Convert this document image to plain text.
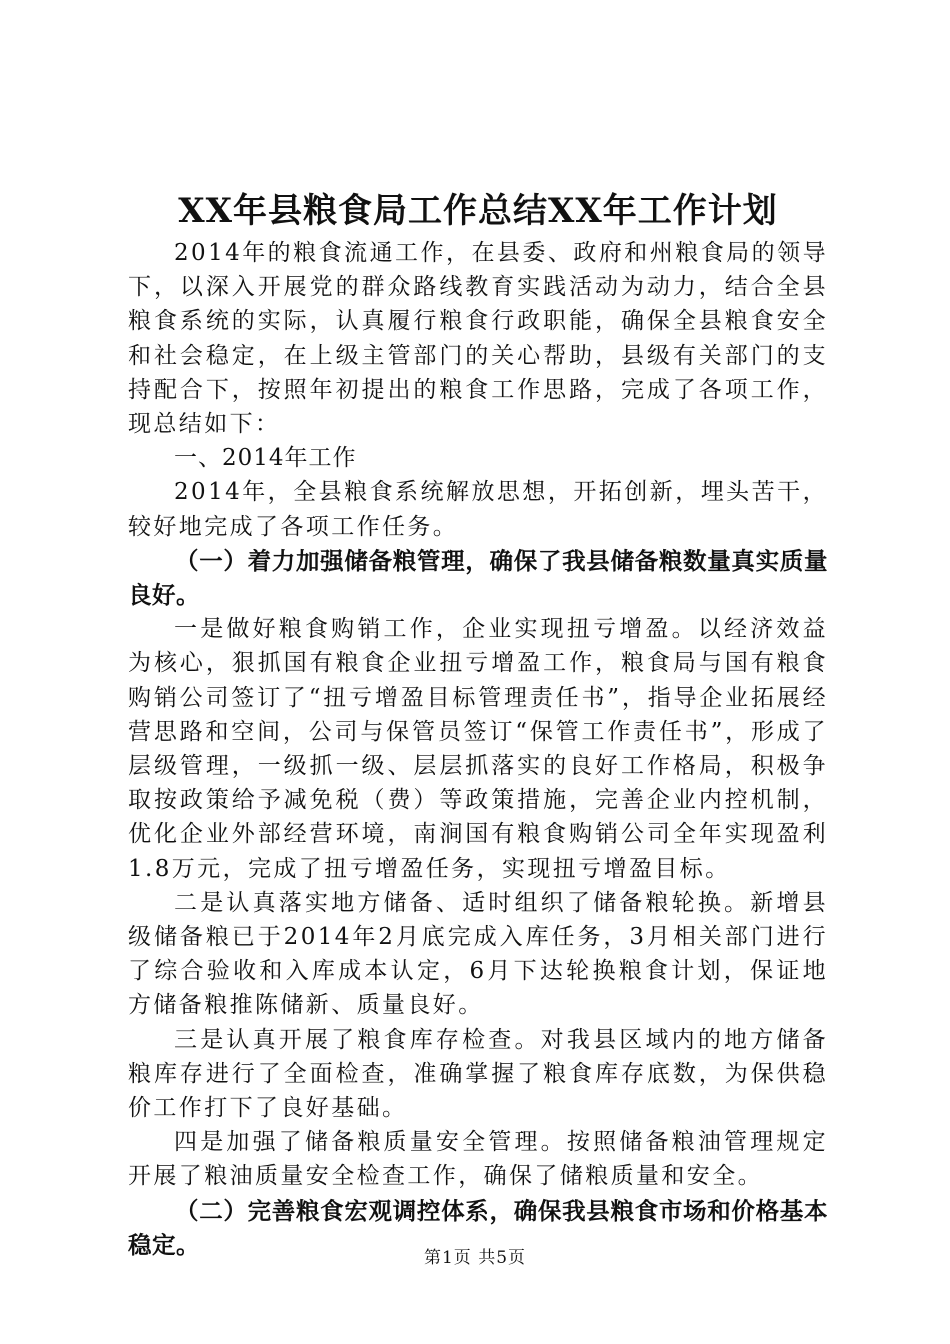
XX年县粮食局工作总结XX年工作计划

2014年的粮食流通工作，在县委、政府和州粮食局的领导下，以深入开展党的群众路线教育实践活动为动力，结合全县粮食系统的实际，认真履行粮食行政职能，确保全县粮食安全和社会稳定，在上级主管部门的关心帮助，县级有关部门的支持配合下，按照年初提出的粮食工作思路，完成了各项工作，现总结如下：

一、2014年工作

2014年，全县粮食系统解放思想，开拓创新，埋头苦干，较好地完成了各项工作任务。

（一）着力加强储备粮管理，确保了我县储备粮数量真实质量良好。

一是做好粮食购销工作，企业实现扭亏增盈。以经济效益为核心，狠抓国有粮食企业扭亏增盈工作，粮食局与国有粮食购销公司签订了“扭亏增盈目标管理责任书”，指导企业拓展经营思路和空间，公司与保管员签订“保管工作责任书”，形成了层级管理，一级抓一级、层层抓落实的良好工作格局，积极争取按政策给予减免税（费）等政策措施，完善企业内控机制，优化企业外部经营环境，南涧国有粮食购销公司全年实现盈利1.8万元，完成了扭亏增盈任务，实现扭亏增盈目标。

二是认真落实地方储备、适时组织了储备粮轮换。新增县级储备粮已于2014年2月底完成入库任务，3月相关部门进行了综合验收和入库成本认定，6月下达轮换粮食计划，保证地方储备粮推陈储新、质量良好。

三是认真开展了粮食库存检查。对我县区域内的地方储备粮库存进行了全面检查，准确掌握了粮食库存底数，为保供稳价工作打下了良好基础。

四是加强了储备粮质量安全管理。按照储备粮油管理规定开展了粮油质量安全检查工作，确保了储粮质量和安全。

（二）完善粮食宏观调控体系，确保我县粮食市场和价格基本稳定。	第1页 共5页
